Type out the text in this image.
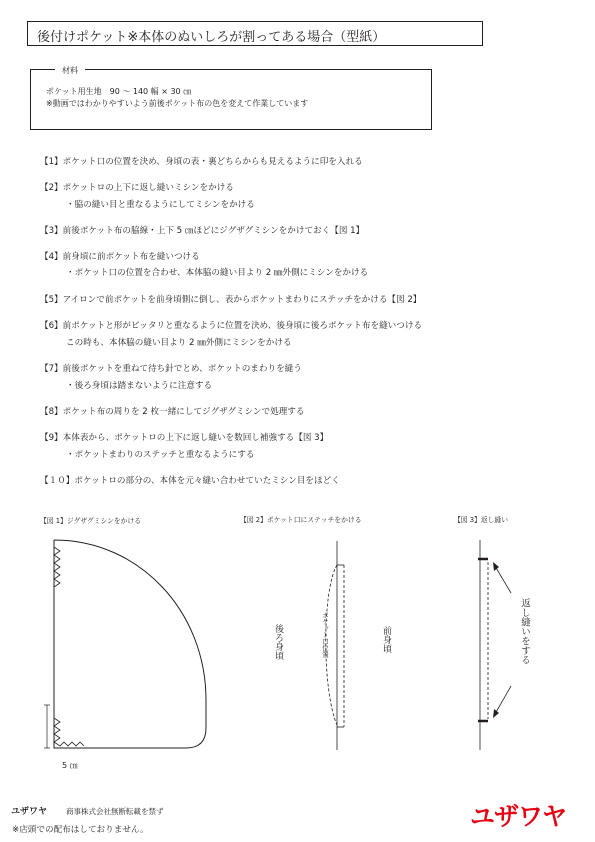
後付けポケット※本体のぬいしろが割ってある場合（型紙）
材料
ポケット用生地　90 〜 140 幅 × 30 ㎝
※動画ではわかりやすいよう前後ポケット布の色を変えて作業しています
【1】ポケット口の位置を決め、身頃の表・裏どちらからも見えるように印を入れる
【2】ポケットロの上下に返し縫いミシンをかける
・脇の縫い目と重なるようにしてミシンをかける
【3】前後ポケット布の脇線・上下 5 ㎝ほどにジグザグミシンをかけておく【図 1】
【4】前身頃に前ポケット布を縫いつける
・ポケット口の位置を合わせ、本体脇の縫い目より 2 ㎜外側にミシンをかける
【5】アイロンで前ポケットを前身頃側に倒し、表からポケットまわりにステッチをかける【図 2】
【6】前ポケットと形がピッタリと重なるように位置を決め、後身頃に後ろポケット布を縫いつける
この時も、本体脇の縫い目より 2 ㎜外側にミシンをかける
【7】前後ポケットを重ねて待ち針でとめ、ポケットのまわりを縫う
・後ろ身頃は踏まないように注意する
【8】ポケット布の周りを 2 枚一緒にしてジグザグミシンで処理する
【9】本体表から、ポケットロの上下に返し縫いを数回し補強する【図 3】
・ポケットまわりのステッチと重なるようにする
【１０】ポケットロの部分の、本体を元々縫い合わせていたミシン目をほどく
【図 1】ジグザグミシンをかける	【図 2】ポケット口にステッチをかける	【図 3】返し縫い
5 ㎝
後ろ身頃	ポケット口位置	前身頃	返し縫いをする
ユザワヤ	商事株式会社無断転載を禁ず
※店頭での配布はしておりません。	ユザワヤ
